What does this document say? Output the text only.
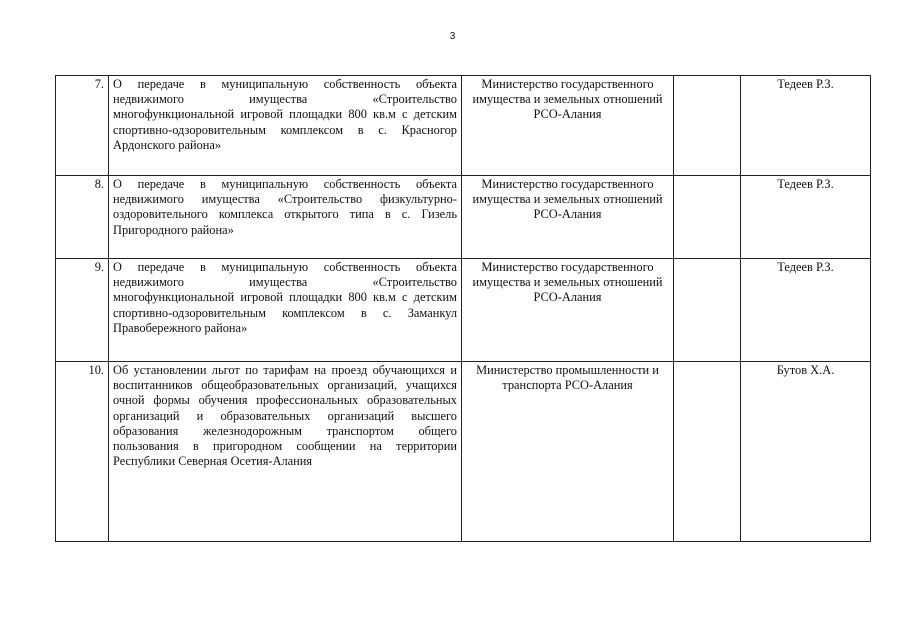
3
7.	О передаче в муниципальную собственность объекта недвижимого имущества «Строительство многофункциональной игровой площадки 800 кв.м с детским спортивно-одзоровительным комплексом в с. Красногор Ардонского района»	Министерство государственного имущества и земельных отношений РСО-Алания		Тедеев Р.З.
8.	О передаче в муниципальную собственность объекта недвижимого имущества «Строительство физкультурно-оздоровительного комплекса открытого типа в с. Гизель Пригородного района»	Министерство государственного имущества и земельных отношений РСО-Алания		Тедеев Р.З.
9.	О передаче в муниципальную собственность объекта недвижимого имущества «Строительство многофункциональной игровой площадки 800 кв.м с детским спортивно-одзоровительным комплексом в с. Заманкул Правобережного района»	Министерство государственного имущества и земельных отношений РСО-Алания		Тедеев Р.З.
10.	Об установлении льгот по тарифам на проезд обучающихся и воспитанников общеобразовательных организаций, учащихся очной формы обучения профессиональных образовательных организаций и образовательных организаций высшего образования железнодорожным транспортом общего пользования в пригородном сообщении на территории Республики Северная Осетия-Алания	Министерство промышленности и транспорта РСО-Алания		Бутов Х.А.
